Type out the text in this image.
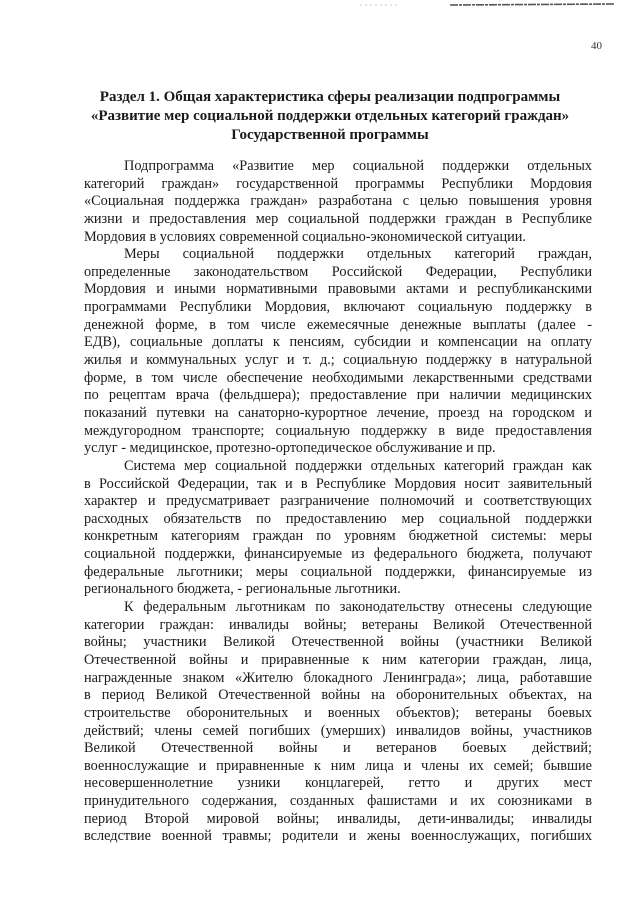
40
Раздел 1. Общая характеристика сферы реализации подпрограммы
«Развитие мер социальной поддержки отдельных категорий граждан»
Государственной программы
Подпрограмма «Развитие мер социальной поддержки отдельных
категорий граждан» государственной программы Республики Мордовия
«Социальная поддержка граждан» разработана с целью повышения уровня
жизни и предоставления мер социальной поддержки граждан в Республике
Мордовия в условиях современной социально-экономической ситуации.
Меры социальной поддержки отдельных категорий граждан,
определенные законодательством Российской Федерации, Республики
Мордовия и иными нормативными правовыми актами и республиканскими
программами Республики Мордовия, включают социальную поддержку в
денежной форме, в том числе ежемесячные денежные выплаты (далее -
ЕДВ), социальные доплаты к пенсиям, субсидии и компенсации на оплату
жилья и коммунальных услуг и т. д.; социальную поддержку в натуральной
форме, в том числе обеспечение необходимыми лекарственными средствами
по рецептам врача (фельдшера); предоставление при наличии медицинских
показаний путевки на санаторно-курортное лечение, проезд на городском и
междугородном транспорте; социальную поддержку в виде предоставления
услуг - медицинское, протезно-ортопедическое обслуживание и пр.
Система мер социальной поддержки отдельных категорий граждан как
в Российской Федерации, так и в Республике Мордовия носит заявительный
характер и предусматривает разграничение полномочий и соответствующих
расходных обязательств по предоставлению мер социальной поддержки
конкретным категориям граждан по уровням бюджетной системы: меры
социальной поддержки, финансируемые из федерального бюджета, получают
федеральные льготники; меры социальной поддержки, финансируемые из
регионального бюджета, - региональные льготники.
К федеральным льготникам по законодательству отнесены следующие
категории граждан: инвалиды войны; ветераны Великой Отечественной
войны; участники Великой Отечественной войны (участники Великой
Отечественной войны и приравненные к ним категории граждан, лица,
награжденные знаком «Жителю блокадного Ленинграда»; лица, работавшие
в период Великой Отечественной войны на оборонительных объектах, на
строительстве оборонительных и военных объектов); ветераны боевых
действий; члены семей погибших (умерших) инвалидов войны, участников
Великой Отечественной войны и ветеранов боевых действий;
военнослужащие и приравненные к ним лица и члены их семей; бывшие
несовершеннолетние узники концлагерей, гетто и других мест
принудительного содержания, созданных фашистами и их союзниками в
период Второй мировой войны; инвалиды, дети-инвалиды; инвалиды
вследствие военной травмы; родители и жены военнослужащих, погибших
